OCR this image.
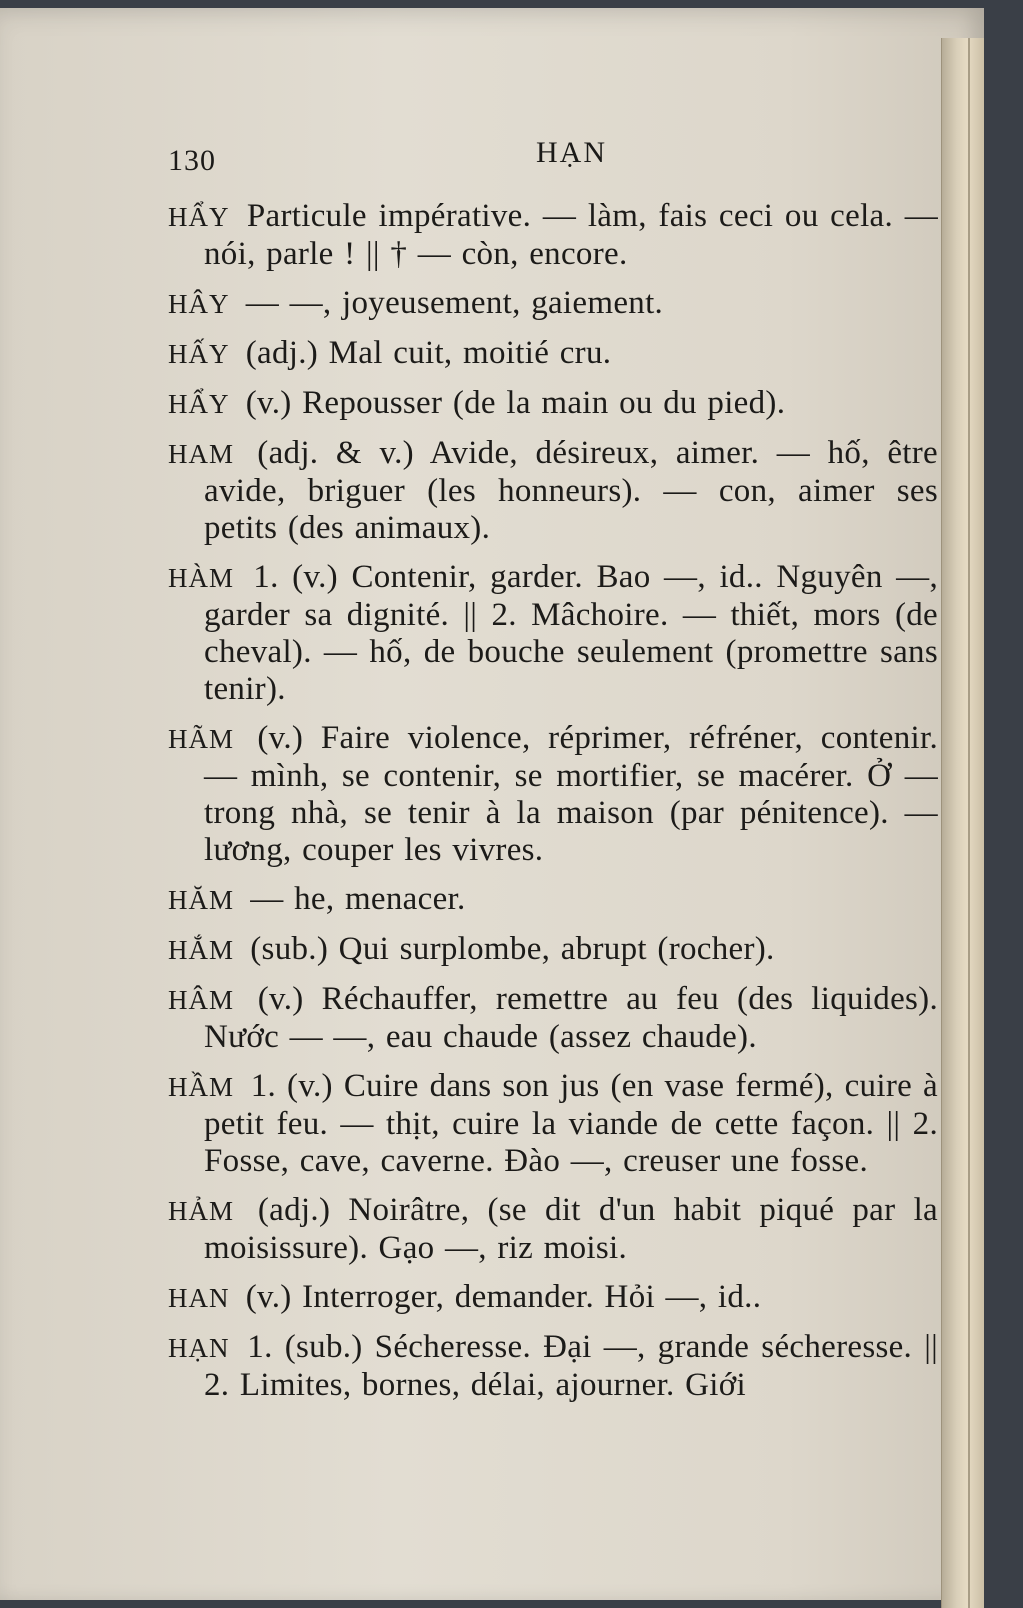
130	HẠN
HẨY Particule impérative. — làm, fais ceci ou cela. — nói, parle ! || † — còn, encore.
HÂY — —, joyeusement, gaiement.
HẤY (adj.) Mal cuit, moitié cru.
HẨY (v.) Repousser (de la main ou du pied).
HAM (adj. & v.) Avide, désireux, aimer. — hố, être avide, briguer (les honneurs). — con, aimer ses petits (des animaux).
HÀM 1. (v.) Contenir, garder. Bao —, id.. Nguyên —, garder sa dignité. || 2. Mâchoire. — thiết, mors (de cheval). — hố, de bouche seulement (promettre sans tenir).
HÃM (v.) Faire violence, réprimer, réfréner, contenir. — mình, se contenir, se mortifier, se macérer. Ở — trong nhà, se tenir à la maison (par pénitence). — lương, couper les vivres.
HĂM — he, menacer.
HẮM (sub.) Qui surplombe, abrupt (rocher).
HÂM (v.) Réchauffer, remettre au feu (des liquides). Nước — —, eau chaude (assez chaude).
HẦM 1. (v.) Cuire dans son jus (en vase fermé), cuire à petit feu. — thịt, cuire la viande de cette façon. || 2. Fosse, cave, caverne. Đào —, creuser une fosse.
HẢM (adj.) Noirâtre, (se dit d'un habit piqué par la moisissure). Gạo —, riz moisi.
HAN (v.) Interroger, demander. Hỏi —, id..
HẠN 1. (sub.) Sécheresse. Đại —, grande sécheresse. || 2. Limites, bornes, délai, ajourner. Giới
